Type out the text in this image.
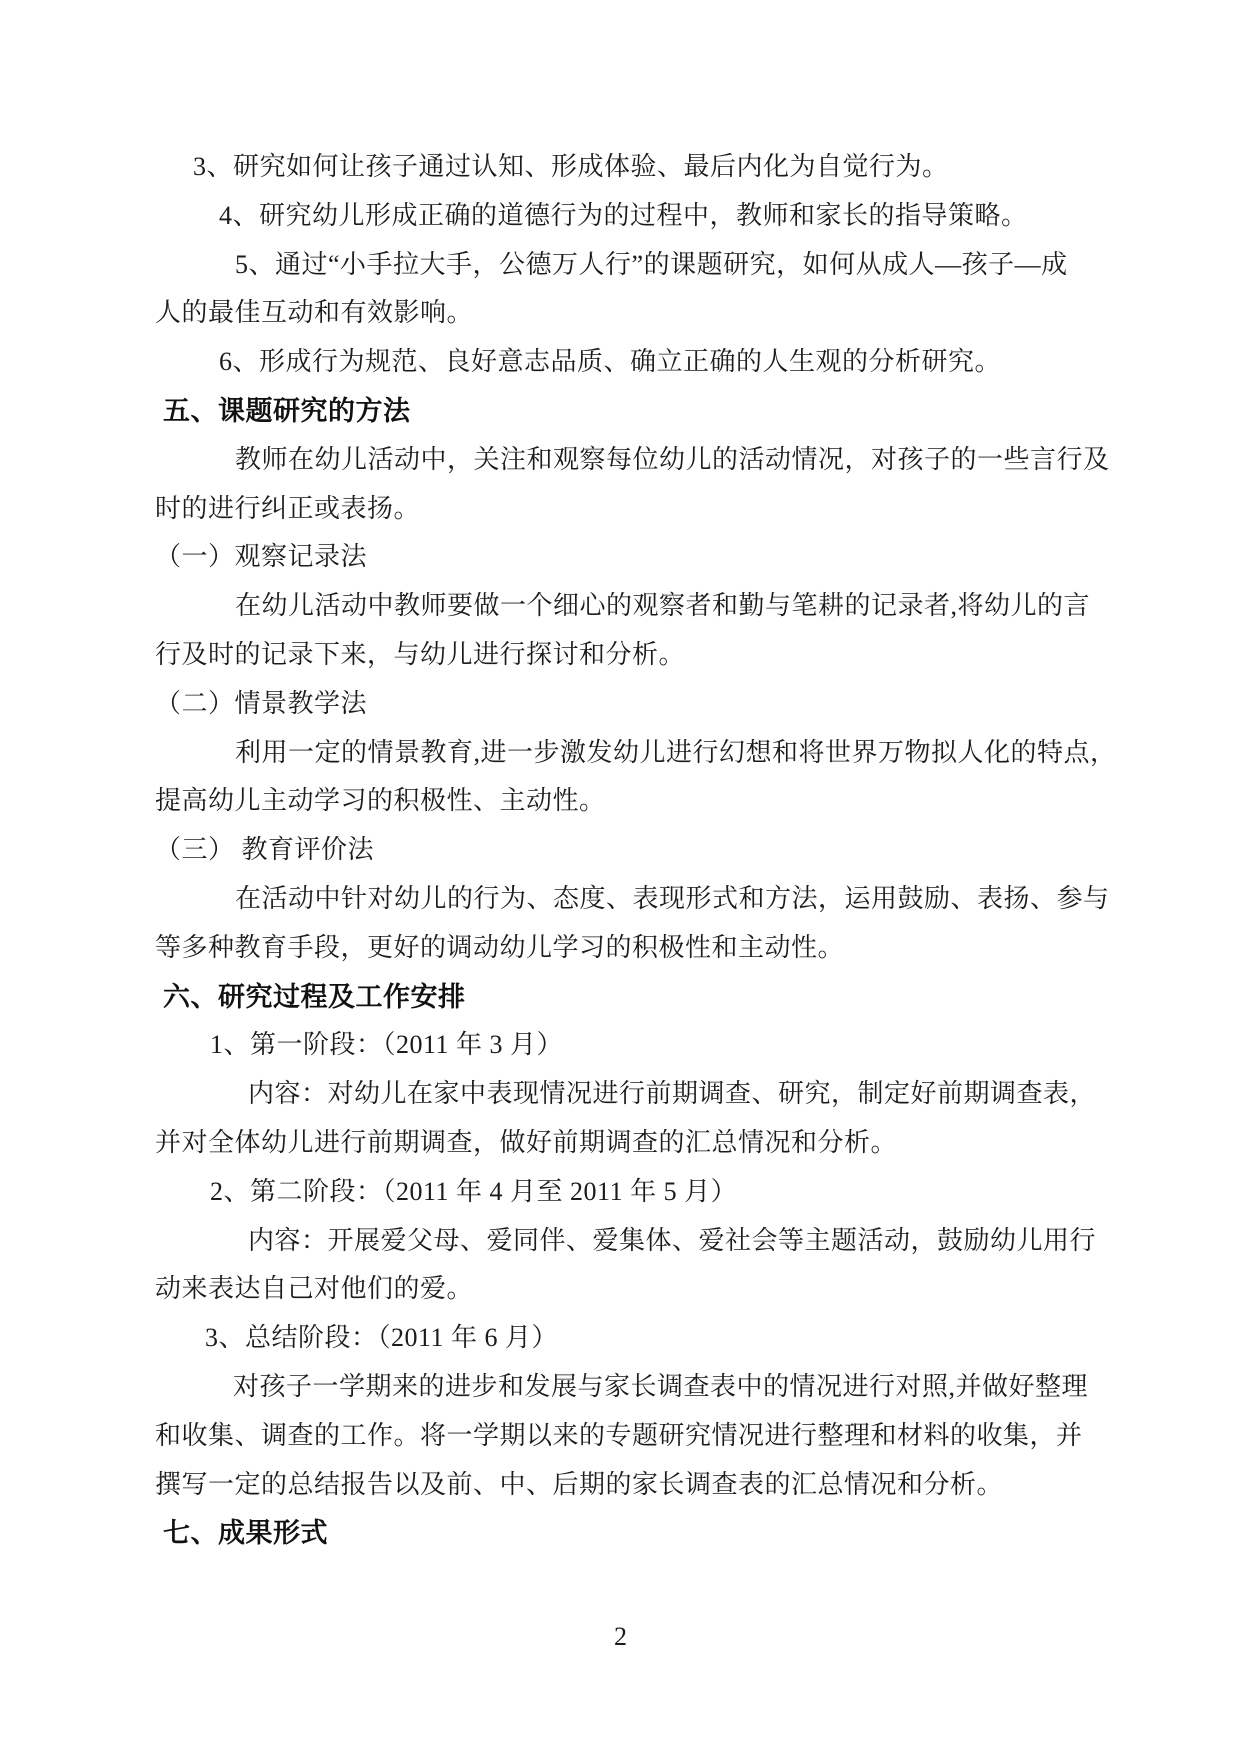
3、研究如何让孩子通过认知、形成体验、最后内化为自觉行为。
4、研究幼儿形成正确的道德行为的过程中，教师和家长的指导策略。
5、通过“小手拉大手，公德万人行”的课题研究，如何从成人—孩子—成
人的最佳互动和有效影响。
6、形成行为规范、良好意志品质、确立正确的人生观的分析研究。
五、课题研究的方法
教师在幼儿活动中，关注和观察每位幼儿的活动情况，对孩子的一些言行及
时的进行纠正或表扬。
（一）观察记录法
在幼儿活动中教师要做一个细心的观察者和勤与笔耕的记录者,将幼儿的言
行及时的记录下来，与幼儿进行探讨和分析。
（二）情景教学法
利用一定的情景教育,进一步激发幼儿进行幻想和将世界万物拟人化的特点，
提高幼儿主动学习的积极性、主动性。
（三） 教育评价法
在活动中针对幼儿的行为、态度、表现形式和方法，运用鼓励、表扬、参与
等多种教育手段，更好的调动幼儿学习的积极性和主动性。
六、研究过程及工作安排
1、第一阶段：（2011 年 3 月）
内容：对幼儿在家中表现情况进行前期调查、研究，制定好前期调查表，
并对全体幼儿进行前期调查，做好前期调查的汇总情况和分析。
2、第二阶段：（2011 年 4 月至 2011 年 5 月）
内容：开展爱父母、爱同伴、爱集体、爱社会等主题活动，鼓励幼儿用行
动来表达自己对他们的爱。
3、总结阶段：（2011 年 6 月）
对孩子一学期来的进步和发展与家长调查表中的情况进行对照,并做好整理
和收集、调查的工作。将一学期以来的专题研究情况进行整理和材料的收集，并
撰写一定的总结报告以及前、中、后期的家长调查表的汇总情况和分析。
七、成果形式
2
